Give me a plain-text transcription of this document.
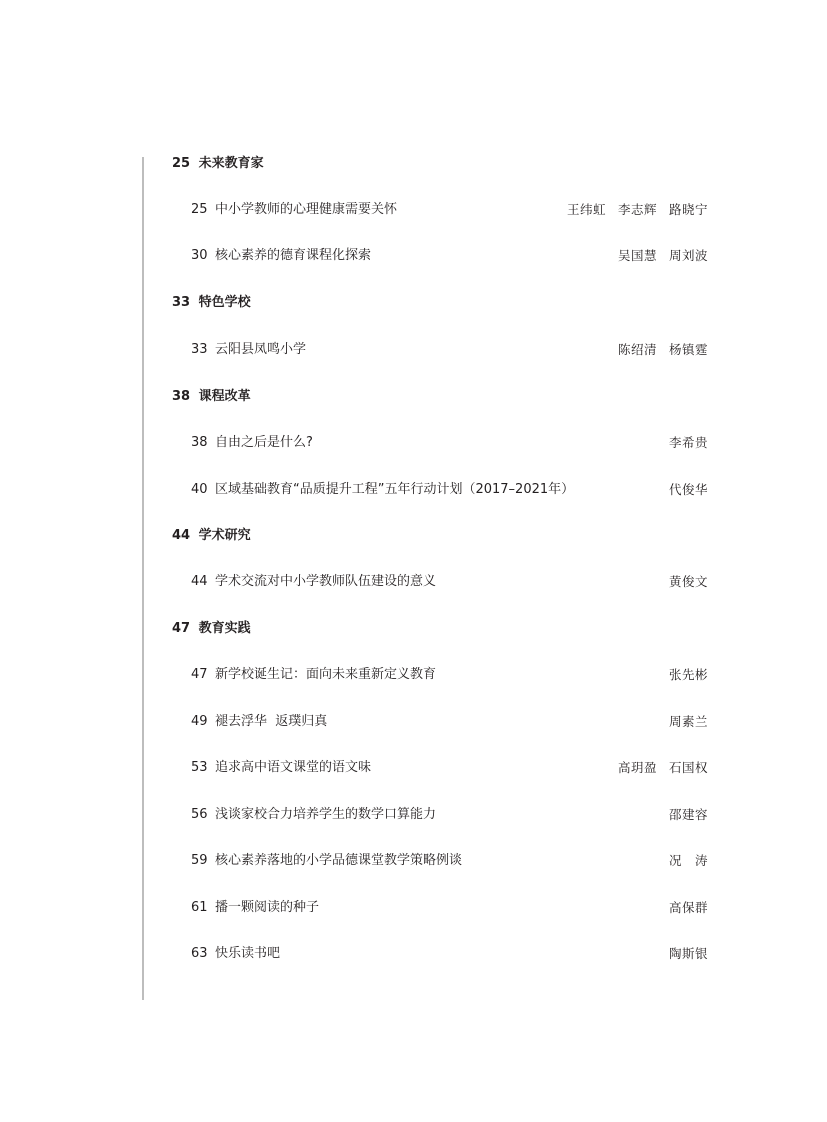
25 未来教育家
25 中小学教师的心理健康需要关怀	王纬虹 李志辉 路晓宁
30 核心素养的德育课程化探索	吴国慧 周刘波
33 特色学校
33 云阳县凤鸣小学	陈绍清 杨镇霆
38 课程改革
38 自由之后是什么?	李希贵
40 区域基础教育“品质提升工程”五年行动计划（2017–2021年）	代俊华
44 学术研究
44 学术交流对中小学教师队伍建设的意义	黄俊文
47 教育实践
47 新学校诞生记：面向未来重新定义教育	张先彬
49 褪去浮华  返璞归真	周素兰
53 追求高中语文课堂的语文味	高玥盈 石国权
56 浅谈家校合力培养学生的数学口算能力	邵建容
59 核心素养落地的小学品德课堂教学策略例谈	况　涛
61 播一颗阅读的种子	高保群
63 快乐读书吧	陶斯银
